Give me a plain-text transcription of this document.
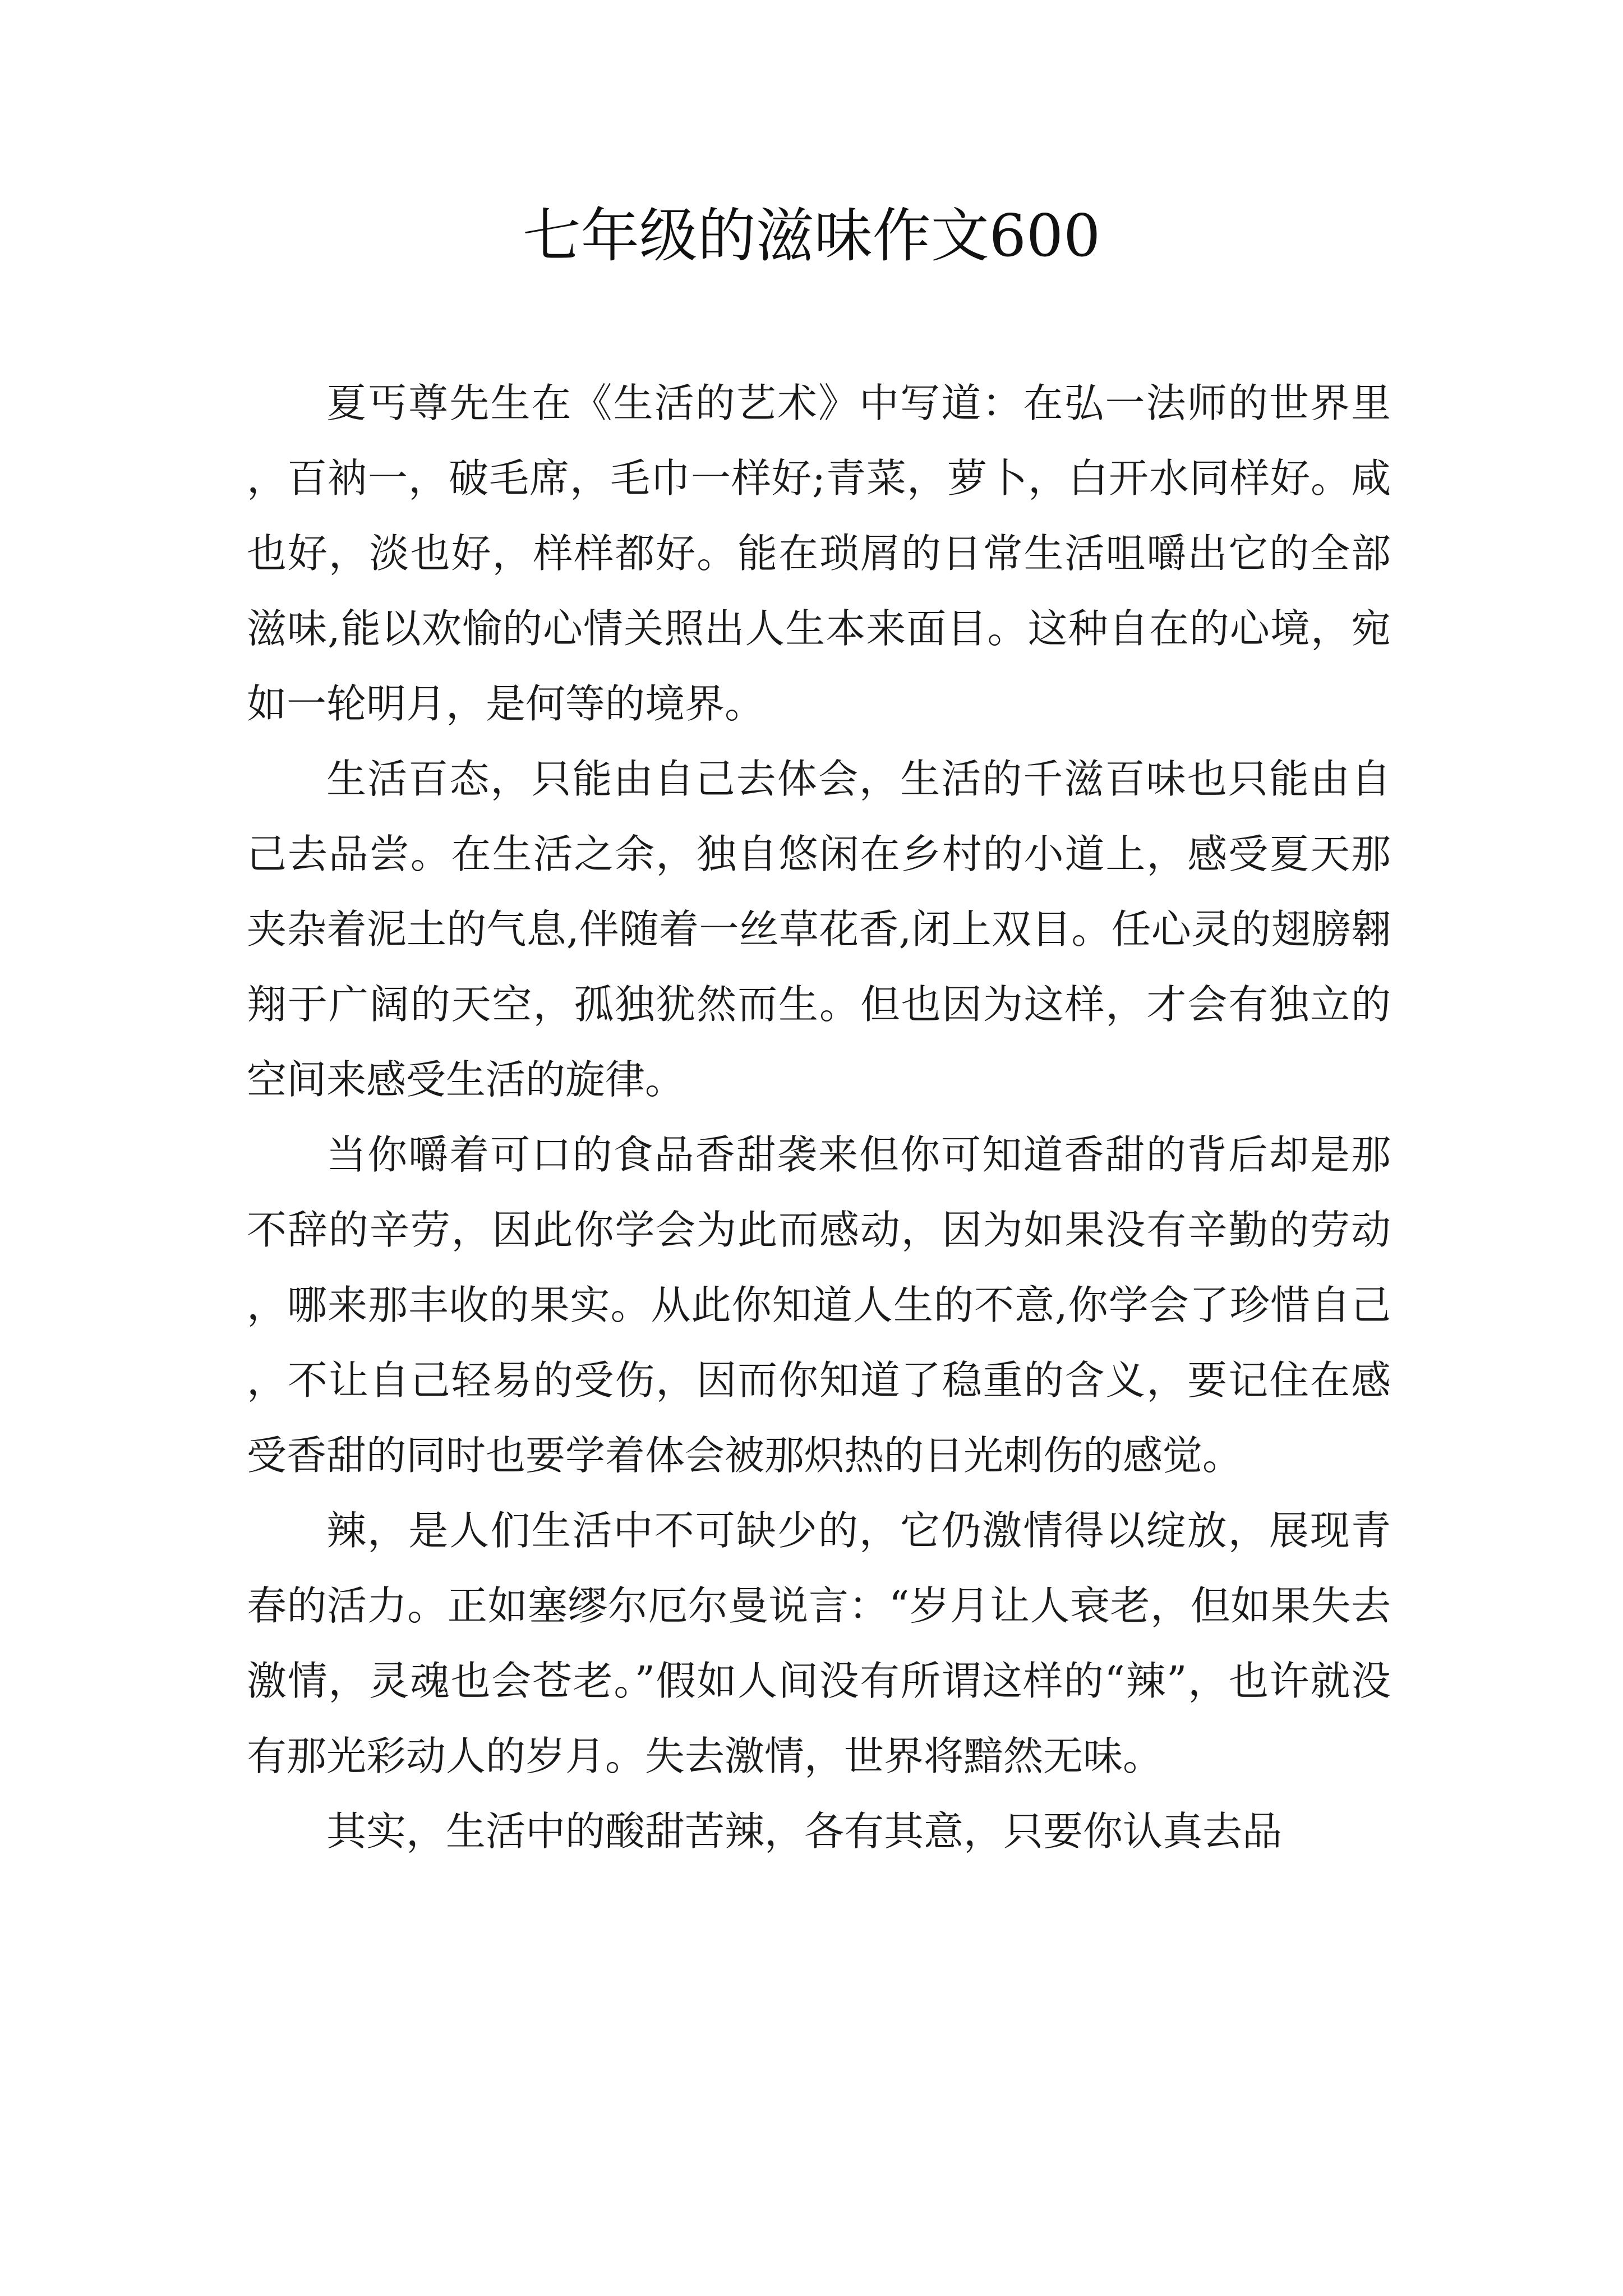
七年级的滋味作文600

夏丐尊先生在《生活的艺术》中写道：在弘一法师的世界里，百衲一，破毛席，毛巾一样好;青菜，萝卜，白开水同样好。咸也好，淡也好，样样都好。能在琐屑的日常生活咀嚼出它的全部滋味,能以欢愉的心情关照出人生本来面目。这种自在的心境，宛如一轮明月，是何等的境界。

生活百态，只能由自己去体会，生活的千滋百味也只能由自己去品尝。在生活之余，独自悠闲在乡村的小道上，感受夏天那夹杂着泥土的气息,伴随着一丝草花香,闭上双目。任心灵的翅膀翱翔于广阔的天空，孤独犹然而生。但也因为这样，才会有独立的空间来感受生活的旋律。

当你嚼着可口的食品香甜袭来但你可知道香甜的背后却是那不辞的辛劳，因此你学会为此而感动，因为如果没有辛勤的劳动，哪来那丰收的果实。从此你知道人生的不意,你学会了珍惜自己，不让自己轻易的受伤，因而你知道了稳重的含义，要记住在感受香甜的同时也要学着体会被那炽热的日光刺伤的感觉。

辣，是人们生活中不可缺少的，它仍激情得以绽放，展现青春的活力。正如塞缪尔厄尔曼说言：“岁月让人衰老，但如果失去激情，灵魂也会苍老。”假如人间没有所谓这样的“辣”，也许就没有那光彩动人的岁月。失去激情，世界将黯然无味。

其实，生活中的酸甜苦辣，各有其意，只要你认真去品
